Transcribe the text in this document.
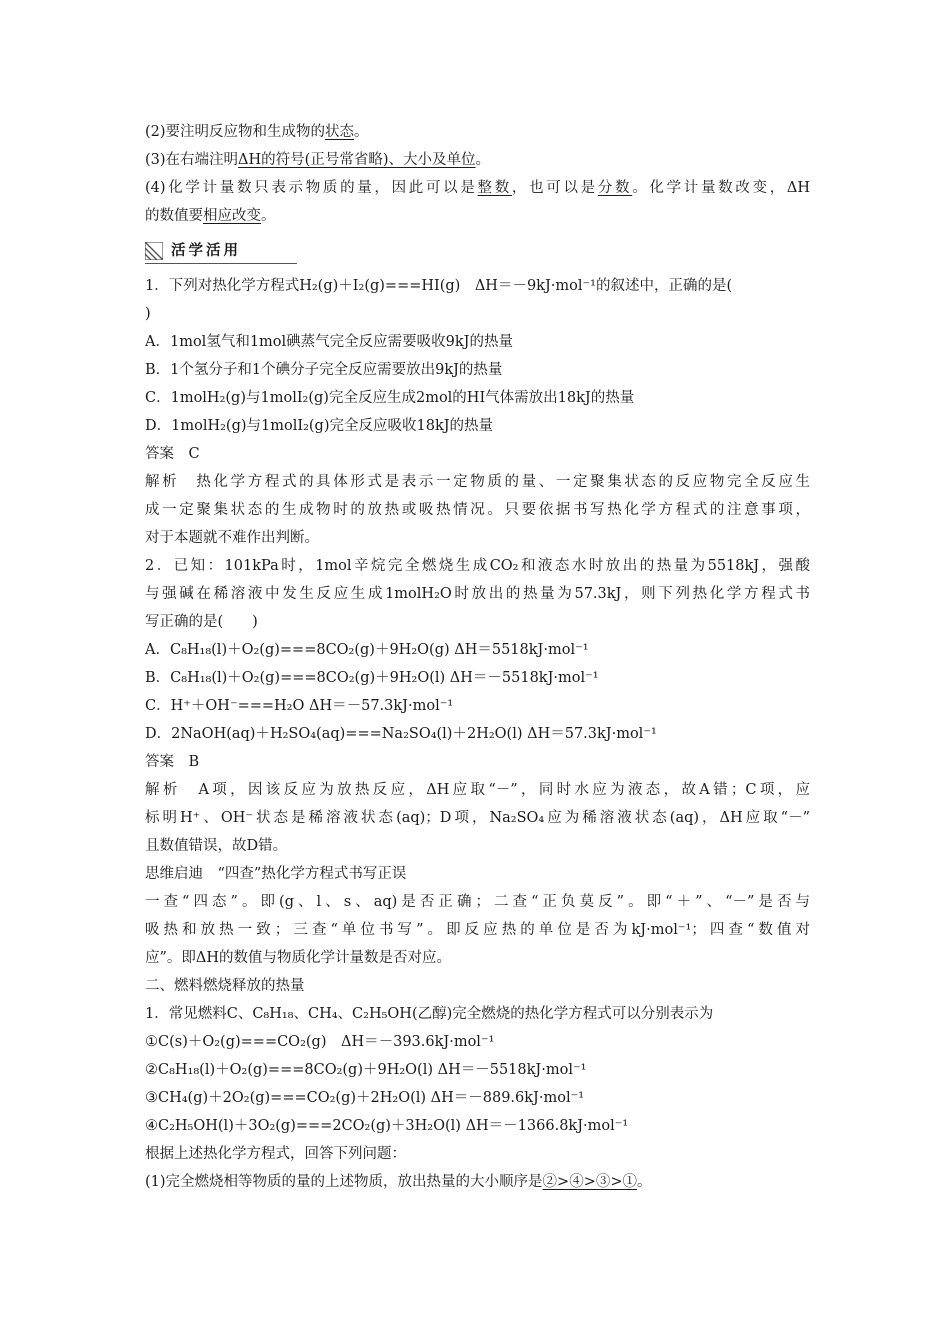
(2)要注明反应物和生成物的状态。
(3)在右端注明ΔH的符号(正号常省略)、大小及单位。
(4)化学计量数只表示物质的量，因此可以是整数，也可以是分数。化学计量数改变，ΔH
的数值要相应改变。
活学活用
1．下列对热化学方程式H₂(g)＋I₂(g)===HI(g)　ΔH＝－9kJ·mol⁻¹的叙述中，正确的是(
)
A．1mol氢气和1mol碘蒸气完全反应需要吸收9kJ的热量
B．1个氢分子和1个碘分子完全反应需要放出9kJ的热量
C．1molH₂(g)与1molI₂(g)完全反应生成2mol的HI气体需放出18kJ的热量
D．1molH₂(g)与1molI₂(g)完全反应吸收18kJ的热量
答案　C
解析　热化学方程式的具体形式是表示一定物质的量、一定聚集状态的反应物完全反应生
成一定聚集状态的生成物时的放热或吸热情况。只要依据书写热化学方程式的注意事项，
对于本题就不难作出判断。
2．已知：101kPa时，1mol辛烷完全燃烧生成CO₂和液态水时放出的热量为5518kJ，强酸
与强碱在稀溶液中发生反应生成1molH₂O时放出的热量为57.3kJ，则下列热化学方程式书
写正确的是(　　)
A．C₈H₁₈(l)＋O₂(g)===8CO₂(g)＋9H₂O(g) ΔH＝5518kJ·mol⁻¹
B．C₈H₁₈(l)＋O₂(g)===8CO₂(g)＋9H₂O(l) ΔH＝－5518kJ·mol⁻¹
C．H⁺＋OH⁻===H₂O ΔH＝－57.3kJ·mol⁻¹
D．2NaOH(aq)＋H₂SO₄(aq)===Na₂SO₄(l)＋2H₂O(l) ΔH＝57.3kJ·mol⁻¹
答案　B
解析　A项，因该反应为放热反应，ΔH应取“－”，同时水应为液态，故A错；C项，应
标明H⁺、OH⁻状态是稀溶液状态(aq)；D项，Na₂SO₄应为稀溶液状态(aq)，ΔH应取“－”
且数值错误，故D错。
思维启迪　“四查”热化学方程式书写正误
一查“四态”。即(g、l、s、aq)是否正确；二查“正负莫反”。即“＋”、“－”是否与
吸热和放热一致；三查“单位书写”。即反应热的单位是否为kJ·mol⁻¹；四查“数值对
应”。即ΔH的数值与物质化学计量数是否对应。
二、燃料燃烧释放的热量
1．常见燃料C、C₈H₁₈、CH₄、C₂H₅OH(乙醇)完全燃烧的热化学方程式可以分别表示为
①C(s)＋O₂(g)===CO₂(g)　ΔH＝－393.6kJ·mol⁻¹
②C₈H₁₈(l)＋O₂(g)===8CO₂(g)＋9H₂O(l) ΔH＝－5518kJ·mol⁻¹
③CH₄(g)＋2O₂(g)===CO₂(g)＋2H₂O(l) ΔH＝－889.6kJ·mol⁻¹
④C₂H₅OH(l)＋3O₂(g)===2CO₂(g)＋3H₂O(l) ΔH＝－1366.8kJ·mol⁻¹
根据上述热化学方程式，回答下列问题：
(1)完全燃烧相等物质的量的上述物质，放出热量的大小顺序是②>④>③>①。
